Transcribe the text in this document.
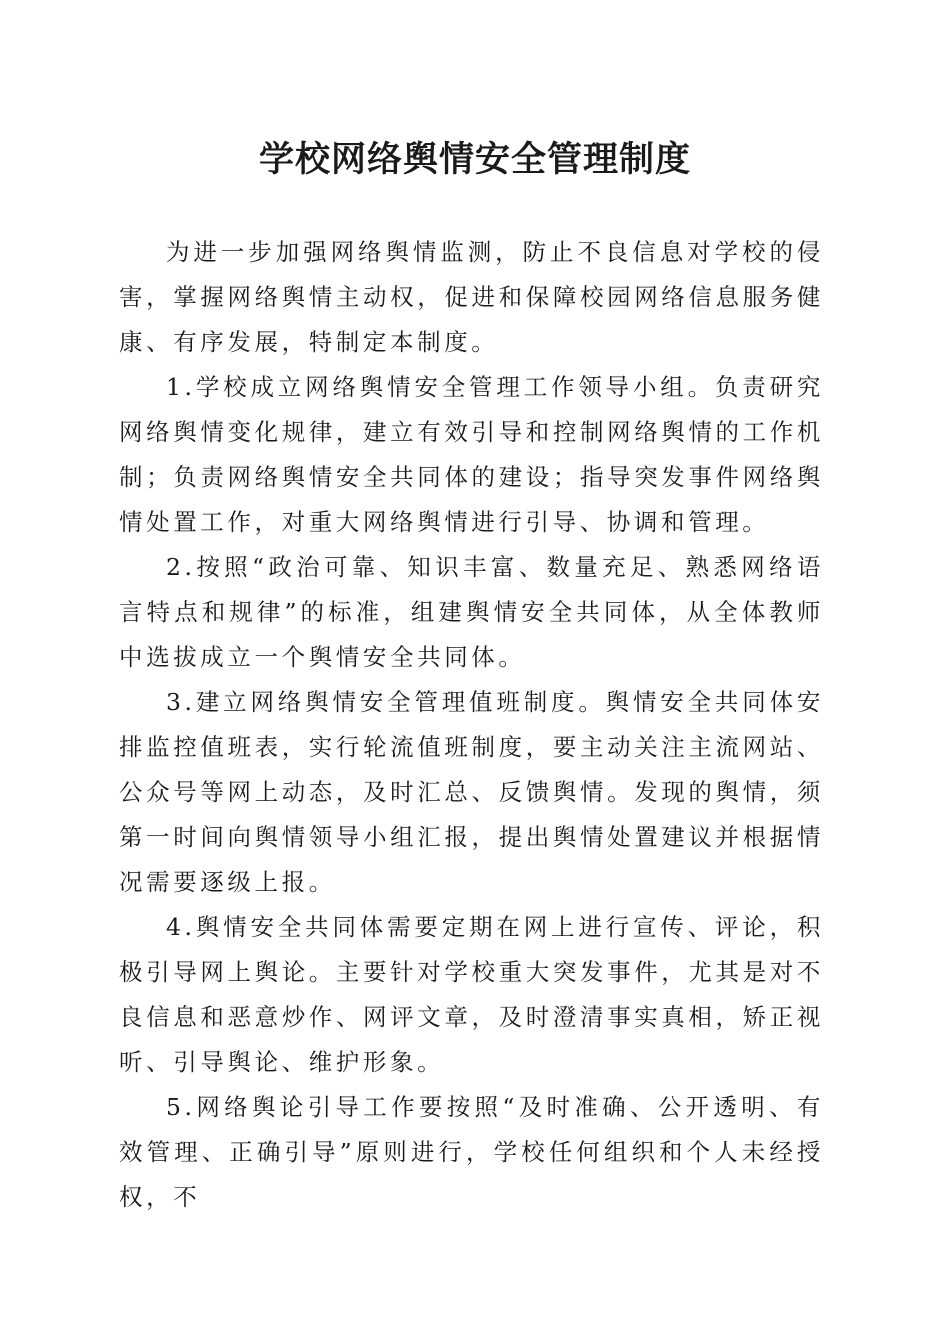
学校网络舆情安全管理制度

为进一步加强网络舆情监测，防止不良信息对学校的侵害，掌握网络舆情主动权，促进和保障校园网络信息服务健康、有序发展，特制定本制度。

1.学校成立网络舆情安全管理工作领导小组。负责研究网络舆情变化规律，建立有效引导和控制网络舆情的工作机制；负责网络舆情安全共同体的建设；指导突发事件网络舆情处置工作，对重大网络舆情进行引导、协调和管理。

2.按照“政治可靠、知识丰富、数量充足、熟悉网络语言特点和规律”的标准，组建舆情安全共同体，从全体教师中选拔成立一个舆情安全共同体。

3.建立网络舆情安全管理值班制度。舆情安全共同体安排监控值班表，实行轮流值班制度，要主动关注主流网站、公众号等网上动态，及时汇总、反馈舆情。发现的舆情，须第一时间向舆情领导小组汇报，提出舆情处置建议并根据情况需要逐级上报。

4.舆情安全共同体需要定期在网上进行宣传、评论，积极引导网上舆论。主要针对学校重大突发事件，尤其是对不良信息和恶意炒作、网评文章，及时澄清事实真相，矫正视听、引导舆论、维护形象。

5.网络舆论引导工作要按照“及时准确、公开透明、有效管理、正确引导”原则进行，学校任何组织和个人未经授权，不
